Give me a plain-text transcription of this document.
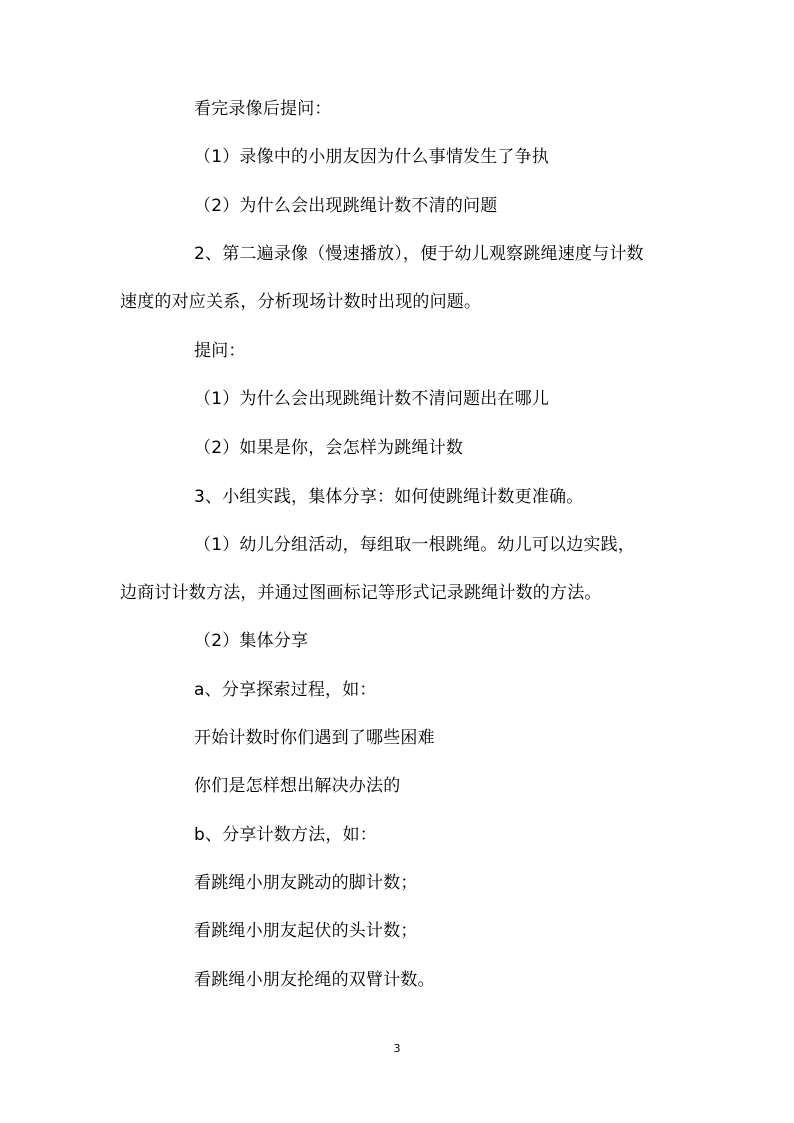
看完录像后提问：
（1）录像中的小朋友因为什么事情发生了争执
（2）为什么会出现跳绳计数不清的问题
2、第二遍录像（慢速播放），便于幼儿观察跳绳速度与计数
速度的对应关系，分析现场计数时出现的问题。
提问：
（1）为什么会出现跳绳计数不清问题出在哪儿
（2）如果是你，会怎样为跳绳计数
3、小组实践，集体分享：如何使跳绳计数更准确。
（1）幼儿分组活动，每组取一根跳绳。幼儿可以边实践，
边商讨计数方法，并通过图画标记等形式记录跳绳计数的方法。
（2）集体分享
a、分享探索过程，如：
开始计数时你们遇到了哪些困难
你们是怎样想出解决办法的
b、分享计数方法，如：
看跳绳小朋友跳动的脚计数；
看跳绳小朋友起伏的头计数；
看跳绳小朋友抡绳的双臂计数。
3
